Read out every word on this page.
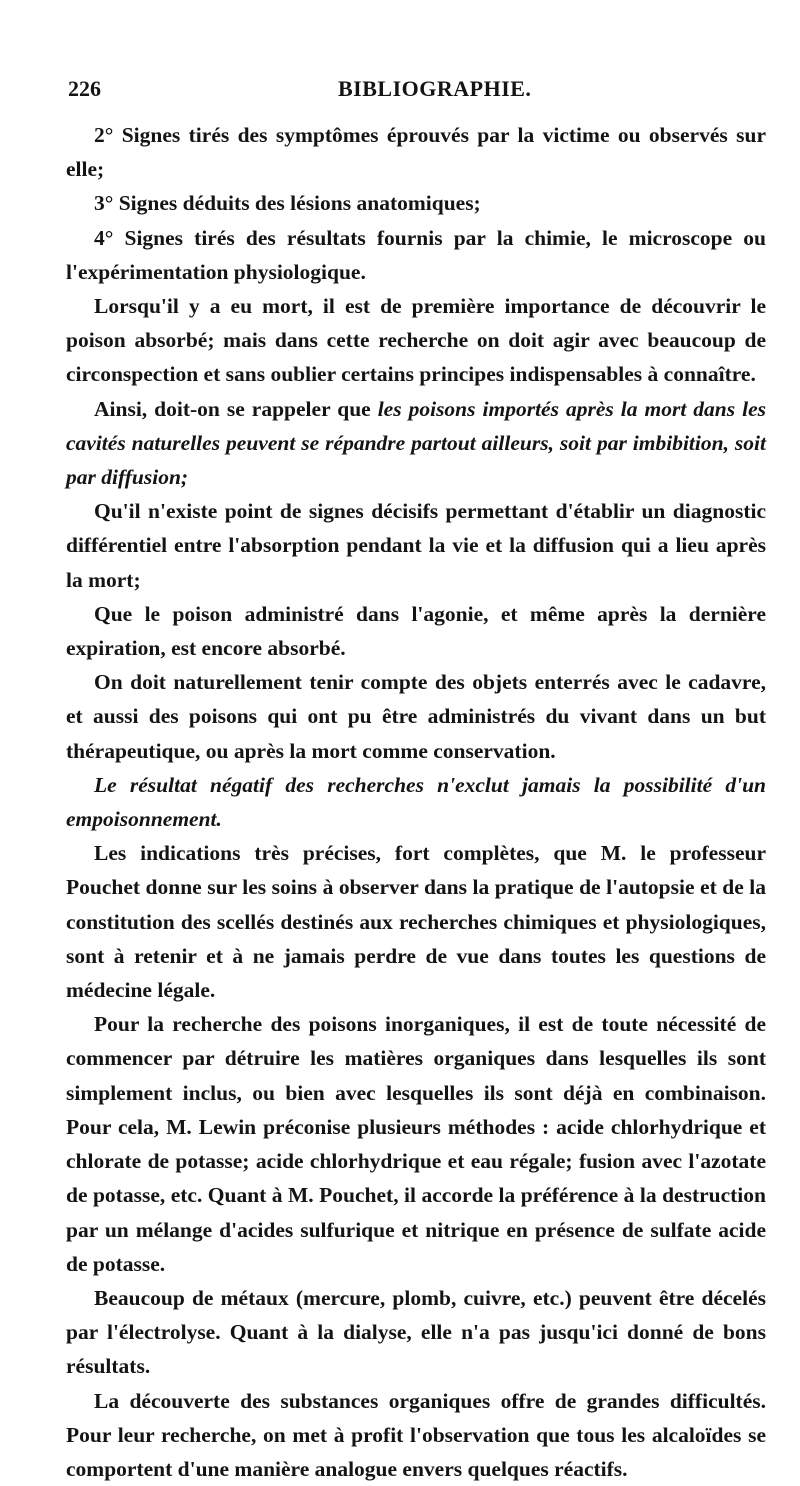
226	BIBLIOGRAPHIE.

2° Signes tirés des symptômes éprouvés par la victime ou observés sur elle;

3° Signes déduits des lésions anatomiques;

4° Signes tirés des résultats fournis par la chimie, le microscope ou l'expérimentation physiologique.

Lorsqu'il y a eu mort, il est de première importance de découvrir le poison absorbé; mais dans cette recherche on doit agir avec beaucoup de circonspection et sans oublier certains principes indispensables à connaître.

Ainsi, doit-on se rappeler que les poisons importés après la mort dans les cavités naturelles peuvent se répandre partout ailleurs, soit par imbibition, soit par diffusion;

Qu'il n'existe point de signes décisifs permettant d'établir un diagnostic différentiel entre l'absorption pendant la vie et la diffusion qui a lieu après la mort;

Que le poison administré dans l'agonie, et même après la dernière expiration, est encore absorbé.

On doit naturellement tenir compte des objets enterrés avec le cadavre, et aussi des poisons qui ont pu être administrés du vivant dans un but thérapeutique, ou après la mort comme conservation.

Le résultat négatif des recherches n'exclut jamais la possibilité d'un empoisonnement.

Les indications très précises, fort complètes, que M. le professeur Pouchet donne sur les soins à observer dans la pratique de l'autopsie et de la constitution des scellés destinés aux recherches chimiques et physiologiques, sont à retenir et à ne jamais perdre de vue dans toutes les questions de médecine légale.

Pour la recherche des poisons inorganiques, il est de toute nécessité de commencer par détruire les matières organiques dans lesquelles ils sont simplement inclus, ou bien avec lesquelles ils sont déjà en combinaison. Pour cela, M. Lewin préconise plusieurs méthodes : acide chlorhydrique et chlorate de potasse; acide chlorhydrique et eau régale; fusion avec l'azotate de potasse, etc. Quant à M. Pouchet, il accorde la préférence à la destruction par un mélange d'acides sulfurique et nitrique en présence de sulfate acide de potasse.

Beaucoup de métaux (mercure, plomb, cuivre, etc.) peuvent être décelés par l'électrolyse. Quant à la dialyse, elle n'a pas jusqu'ici donné de bons résultats.

La découverte des substances organiques offre de grandes difficultés. Pour leur recherche, on met à profit l'observation que tous les alcaloïdes se comportent d'une manière analogue envers quelques réactifs.
